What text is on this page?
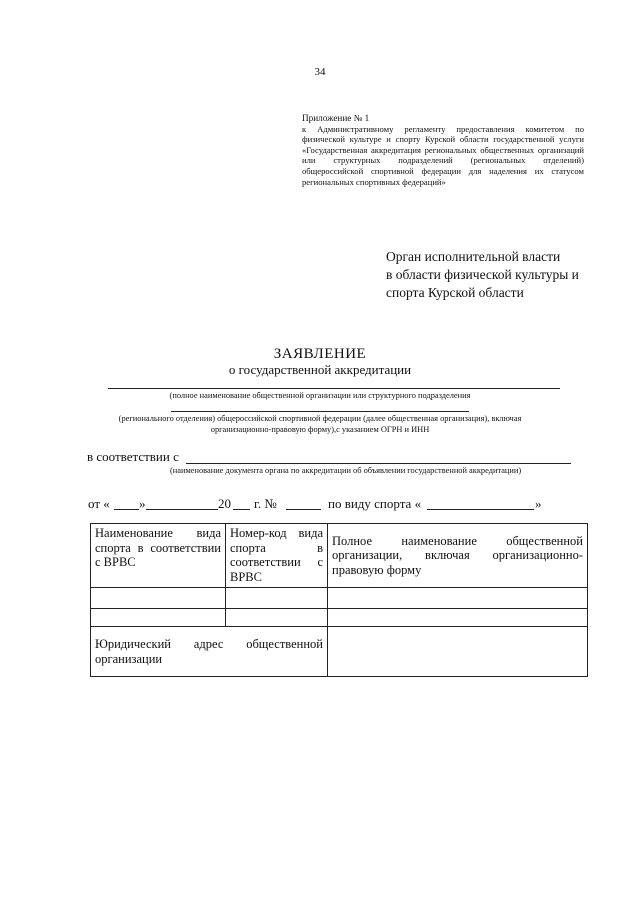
34
Приложение № 1
к Административному регламенту предоставления комитетом по физической культуре и спорту Курской области государственной услуги «Государственная аккредитация региональных общественных организаций или структурных подразделений (региональных отделений) общероссийской спортивной федерации для наделения их статусом региональных спортивных федераций»
Орган исполнительной власти
в области физической культуры и
спорта Курской области
ЗАЯВЛЕНИЕ
о государственной аккредитации
(полное наименование общественной организации или структурного подразделения
(регионального отделения) общероссийской спортивной федерации (далее общественная организация), включая
организационно-правовую форму),с указанием ОГРН и ИНН
в соответствии с
(наименование документа органа по аккредитации об объявлении государственной аккредитации)
от « »	20 г. №	по виду спорта «	»
Наименование вида спорта в соответствии с ВРВС	Номер-код вида спорта в соответствии с ВРВС	Полное наименование общественной организации, включая организационно-правовую форму

Юридический адрес общественной организации		
